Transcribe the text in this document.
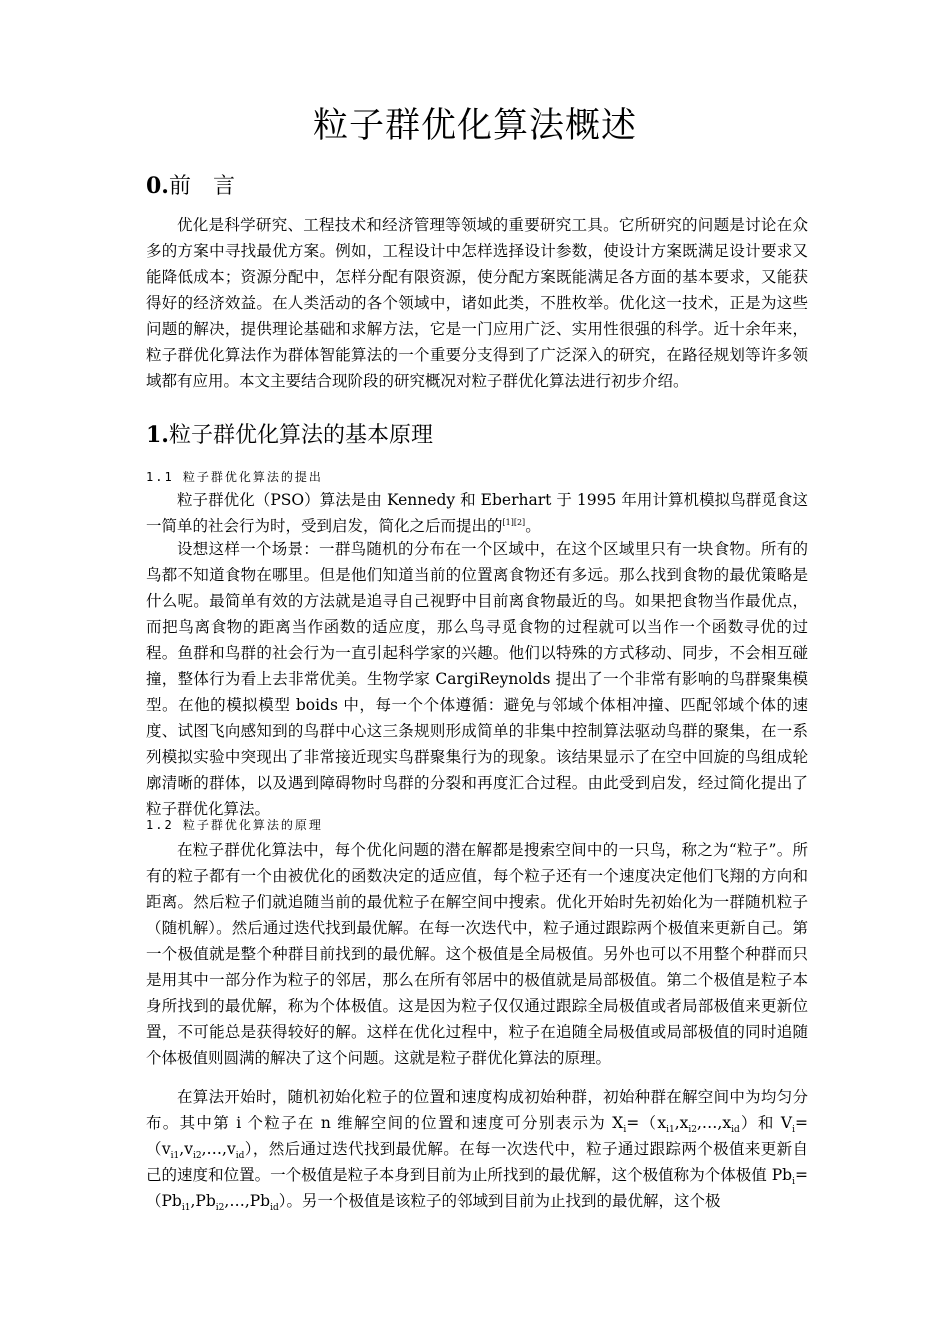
粒子群优化算法概述
0.前　言

优化是科学研究、工程技术和经济管理等领域的重要研究工具。它所研究的问题是讨论在众多的方案中寻找最优方案。例如，工程设计中怎样选择设计参数，使设计方案既满足设计要求又能降低成本；资源分配中，怎样分配有限资源，使分配方案既能满足各方面的基本要求，又能获得好的经济效益。在人类活动的各个领域中，诸如此类，不胜枚举。优化这一技术，正是为这些问题的解决，提供理论基础和求解方法，它是一门应用广泛、实用性很强的科学。近十余年来，粒子群优化算法作为群体智能算法的一个重要分支得到了广泛深入的研究，在路径规划等许多领域都有应用。本文主要结合现阶段的研究概况对粒子群优化算法进行初步介绍。

1.粒子群优化算法的基本原理
1.1 粒子群优化算法的提出

粒子群优化（PSO）算法是由 Kennedy 和 Eberhart 于 1995 年用计算机模拟鸟群觅食这一简单的社会行为时，受到启发，简化之后而提出的[1][2]。

设想这样一个场景：一群鸟随机的分布在一个区域中，在这个区域里只有一块食物。所有的鸟都不知道食物在哪里。但是他们知道当前的位置离食物还有多远。那么找到食物的最优策略是什么呢。最简单有效的方法就是追寻自己视野中目前离食物最近的鸟。如果把食物当作最优点，而把鸟离食物的距离当作函数的适应度，那么鸟寻觅食物的过程就可以当作一个函数寻优的过程。鱼群和鸟群的社会行为一直引起科学家的兴趣。他们以特殊的方式移动、同步，不会相互碰撞，整体行为看上去非常优美。生物学家 CargiReynolds 提出了一个非常有影响的鸟群聚集模型。在他的模拟模型 boids 中，每一个个体遵循：避免与邻域个体相冲撞、匹配邻域个体的速度、试图飞向感知到的鸟群中心这三条规则形成简单的非集中控制算法驱动鸟群的聚集，在一系列模拟实验中突现出了非常接近现实鸟群聚集行为的现象。该结果显示了在空中回旋的鸟组成轮廓清晰的群体，以及遇到障碍物时鸟群的分裂和再度汇合过程。由此受到启发，经过简化提出了粒子群优化算法。

1.2 粒子群优化算法的原理

在粒子群优化算法中，每个优化问题的潜在解都是搜索空间中的一只鸟，称之为“粒子”。所有的粒子都有一个由被优化的函数决定的适应值，每个粒子还有一个速度决定他们飞翔的方向和距离。然后粒子们就追随当前的最优粒子在解空间中搜索。优化开始时先初始化为一群随机粒子（随机解）。然后通过迭代找到最优解。在每一次迭代中，粒子通过跟踪两个极值来更新自己。第一个极值就是整个种群目前找到的最优解。这个极值是全局极值。另外也可以不用整个种群而只是用其中一部分作为粒子的邻居，那么在所有邻居中的极值就是局部极值。第二个极值是粒子本身所找到的最优解，称为个体极值。这是因为粒子仅仅通过跟踪全局极值或者局部极值来更新位置，不可能总是获得较好的解。这样在优化过程中，粒子在追随全局极值或局部极值的同时追随个体极值则圆满的解决了这个问题。这就是粒子群优化算法的原理。

在算法开始时，随机初始化粒子的位置和速度构成初始种群，初始种群在解空间中为均匀分布。其中第 i 个粒子在 n 维解空间的位置和速度可分别表示为 $X_i=(x_{i1},x_{i2},\dots,x_{id})$和 $V_i=(v_{i1},v_{i2},\dots,v_{id})$，然后通过迭代找到最优解。在每一次迭代中，粒子通过跟踪两个极值来更新自己的速度和位置。一个极值是粒子本身到目前为止所找到的最优解，这个极值称为个体极值 $Pb_i=(Pb_{i1},Pb_{i2},\dots,Pb_{id})$。另一个极值是该粒子的邻域到目前为止找到的最优解，这个极
